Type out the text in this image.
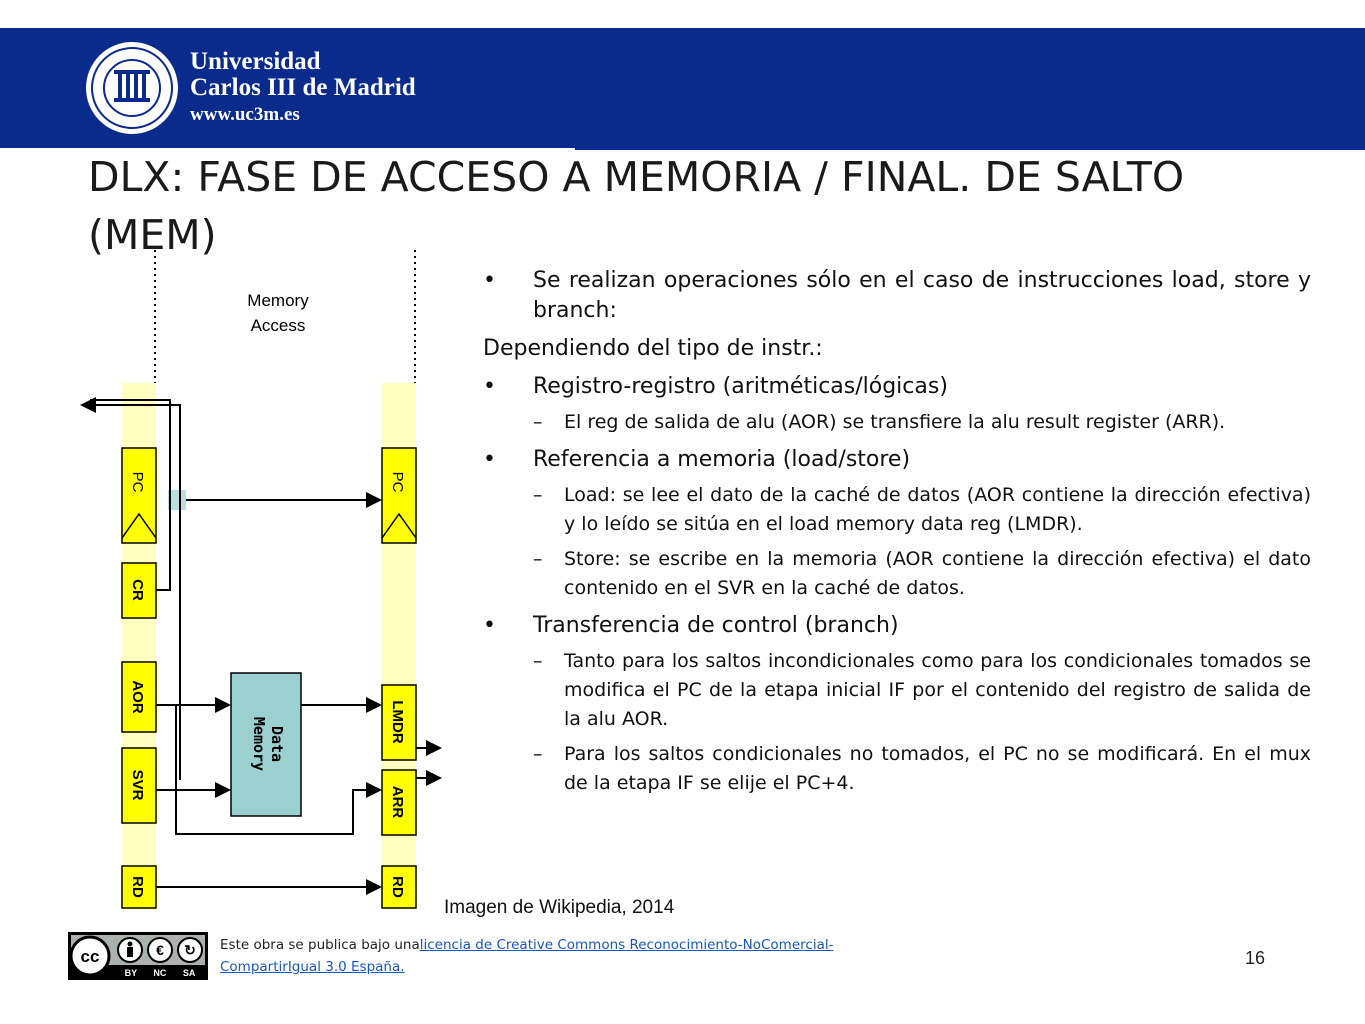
Universidad
Carlos III de Madrid
www.uc3m.es
DLX: FASE DE ACCESO A MEMORIA / FINAL. DE SALTO (MEM)
Memory
Access
PC
CR
AOR
SVR
RD
PC
LMDR
ARR
RD
Data
Memory
• Se realizan operaciones sólo en el caso de instrucciones load, store y branch:
Dependiendo del tipo de instr.:
• Registro-registro (aritméticas/lógicas)
– El reg de salida de alu (AOR) se transfiere la alu result register (ARR).
• Referencia a memoria (load/store)
– Load: se lee el dato de la caché de datos (AOR contiene la dirección efectiva) y lo leído se sitúa en el load memory data reg (LMDR).
– Store: se escribe en la memoria (AOR contiene la dirección efectiva) el dato contenido en el SVR en la caché de datos.
• Transferencia de control (branch)
– Tanto para los saltos incondicionales como para los condicionales tomados se modifica el PC de la etapa inicial IF por el contenido del registro de salida de la alu AOR.
– Para los saltos condicionales no tomados, el PC no se modificará. En el mux de la etapa IF se elije el PC+4.
Imagen de Wikipedia, 2014
cc	€ ↻
BY NC SA
Este obra se publica bajo unalicencia de Creative Commons Reconocimiento-NoComercial-CompartirIgual 3.0 España.	16
